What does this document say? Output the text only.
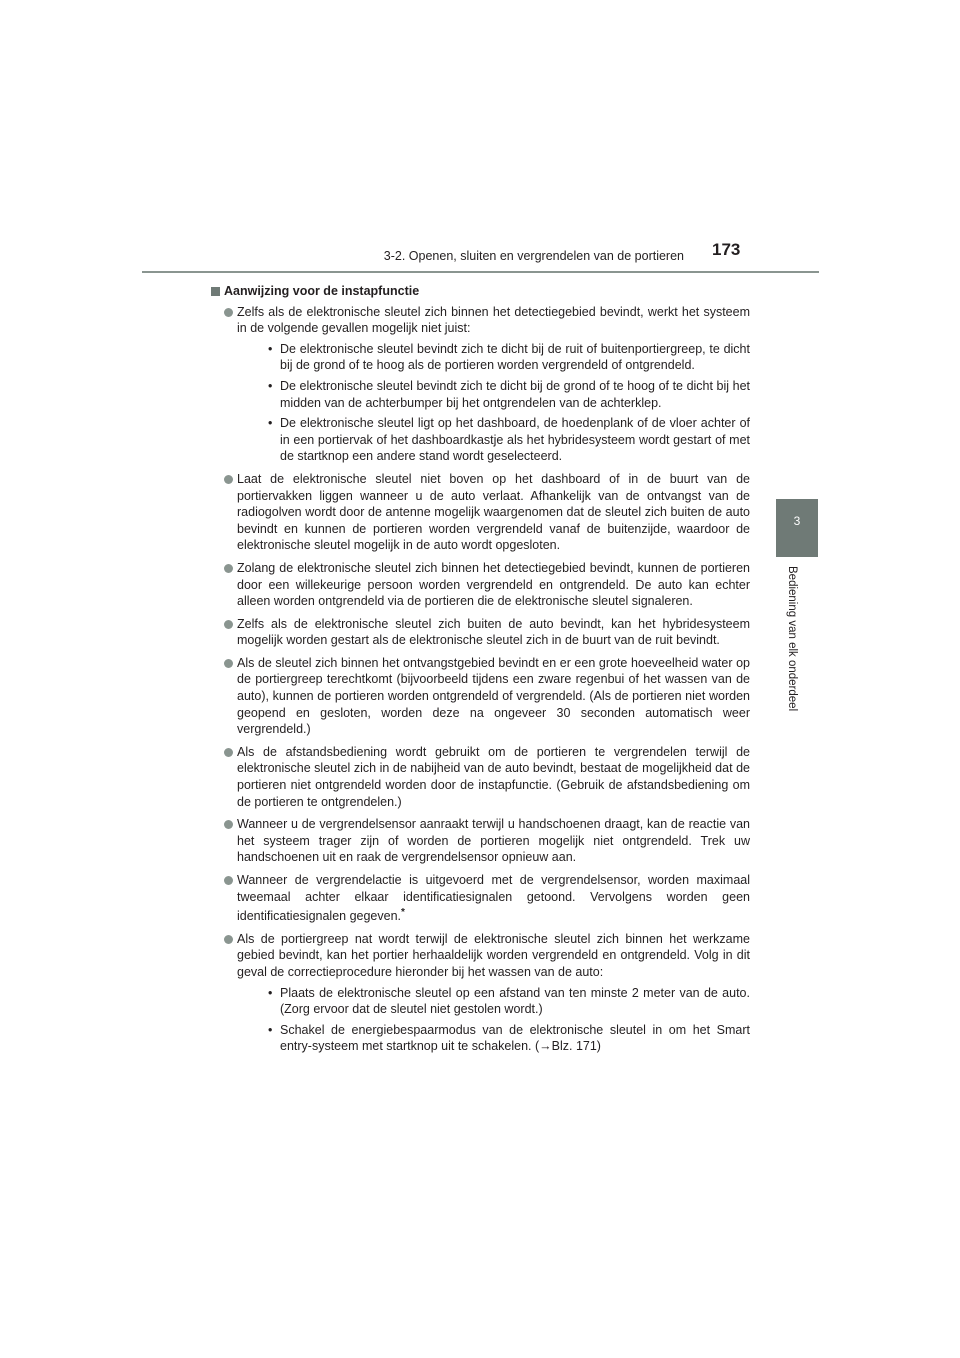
3-2. Openen, sluiten en vergrendelen van de portieren 173
3
Bediening van elk onderdeel
Aanwijzing voor de instapfunctie
Zelfs als de elektronische sleutel zich binnen het detectiegebied bevindt, werkt het systeem in de volgende gevallen mogelijk niet juist:
• De elektronische sleutel bevindt zich te dicht bij de ruit of buitenportiergreep, te dicht bij de grond of te hoog als de portieren worden vergrendeld of ontgrendeld.
• De elektronische sleutel bevindt zich te dicht bij de grond of te hoog of te dicht bij het midden van de achterbumper bij het ontgrendelen van de achterklep.
• De elektronische sleutel ligt op het dashboard, de hoedenplank of de vloer achter of in een portiervak of het dashboardkastje als het hybridesysteem wordt gestart of met de startknop een andere stand wordt geselecteerd.
Laat de elektronische sleutel niet boven op het dashboard of in de buurt van de portiervakken liggen wanneer u de auto verlaat. Afhankelijk van de ontvangst van de radiogolven wordt door de antenne mogelijk waargenomen dat de sleutel zich buiten de auto bevindt en kunnen de portieren worden vergrendeld vanaf de buitenzijde, waardoor de elektronische sleutel mogelijk in de auto wordt opgesloten.
Zolang de elektronische sleutel zich binnen het detectiegebied bevindt, kunnen de portieren door een willekeurige persoon worden vergrendeld en ontgrendeld. De auto kan echter alleen worden ontgrendeld via de portieren die de elektronische sleutel signaleren.
Zelfs als de elektronische sleutel zich buiten de auto bevindt, kan het hybridesysteem mogelijk worden gestart als de elektronische sleutel zich in de buurt van de ruit bevindt.
Als de sleutel zich binnen het ontvangstgebied bevindt en er een grote hoeveelheid water op de portiergreep terechtkomt (bijvoorbeeld tijdens een zware regenbui of het wassen van de auto), kunnen de portieren worden ontgrendeld of vergrendeld. (Als de portieren niet worden geopend en gesloten, worden deze na ongeveer 30 seconden automatisch weer vergrendeld.)
Als de afstandsbediening wordt gebruikt om de portieren te vergrendelen terwijl de elektronische sleutel zich in de nabijheid van de auto bevindt, bestaat de mogelijkheid dat de portieren niet ontgrendeld worden door de instapfunctie. (Gebruik de afstandsbediening om de portieren te ontgrendelen.)
Wanneer u de vergrendelsensor aanraakt terwijl u handschoenen draagt, kan de reactie van het systeem trager zijn of worden de portieren mogelijk niet ontgrendeld. Trek uw handschoenen uit en raak de vergrendelsensor opnieuw aan.
Wanneer de vergrendelactie is uitgevoerd met de vergrendelsensor, worden maximaal tweemaal achter elkaar identificatiesignalen getoond. Vervolgens worden geen identificatiesignalen gegeven.*
Als de portiergreep nat wordt terwijl de elektronische sleutel zich binnen het werkzame gebied bevindt, kan het portier herhaaldelijk worden vergrendeld en ontgrendeld. Volg in dit geval de correctieprocedure hieronder bij het wassen van de auto:
• Plaats de elektronische sleutel op een afstand van ten minste 2 meter van de auto. (Zorg ervoor dat de sleutel niet gestolen wordt.)
• Schakel de energiebespaarmodus van de elektronische sleutel in om het Smart entry-systeem met startknop uit te schakelen. (→Blz. 171)
